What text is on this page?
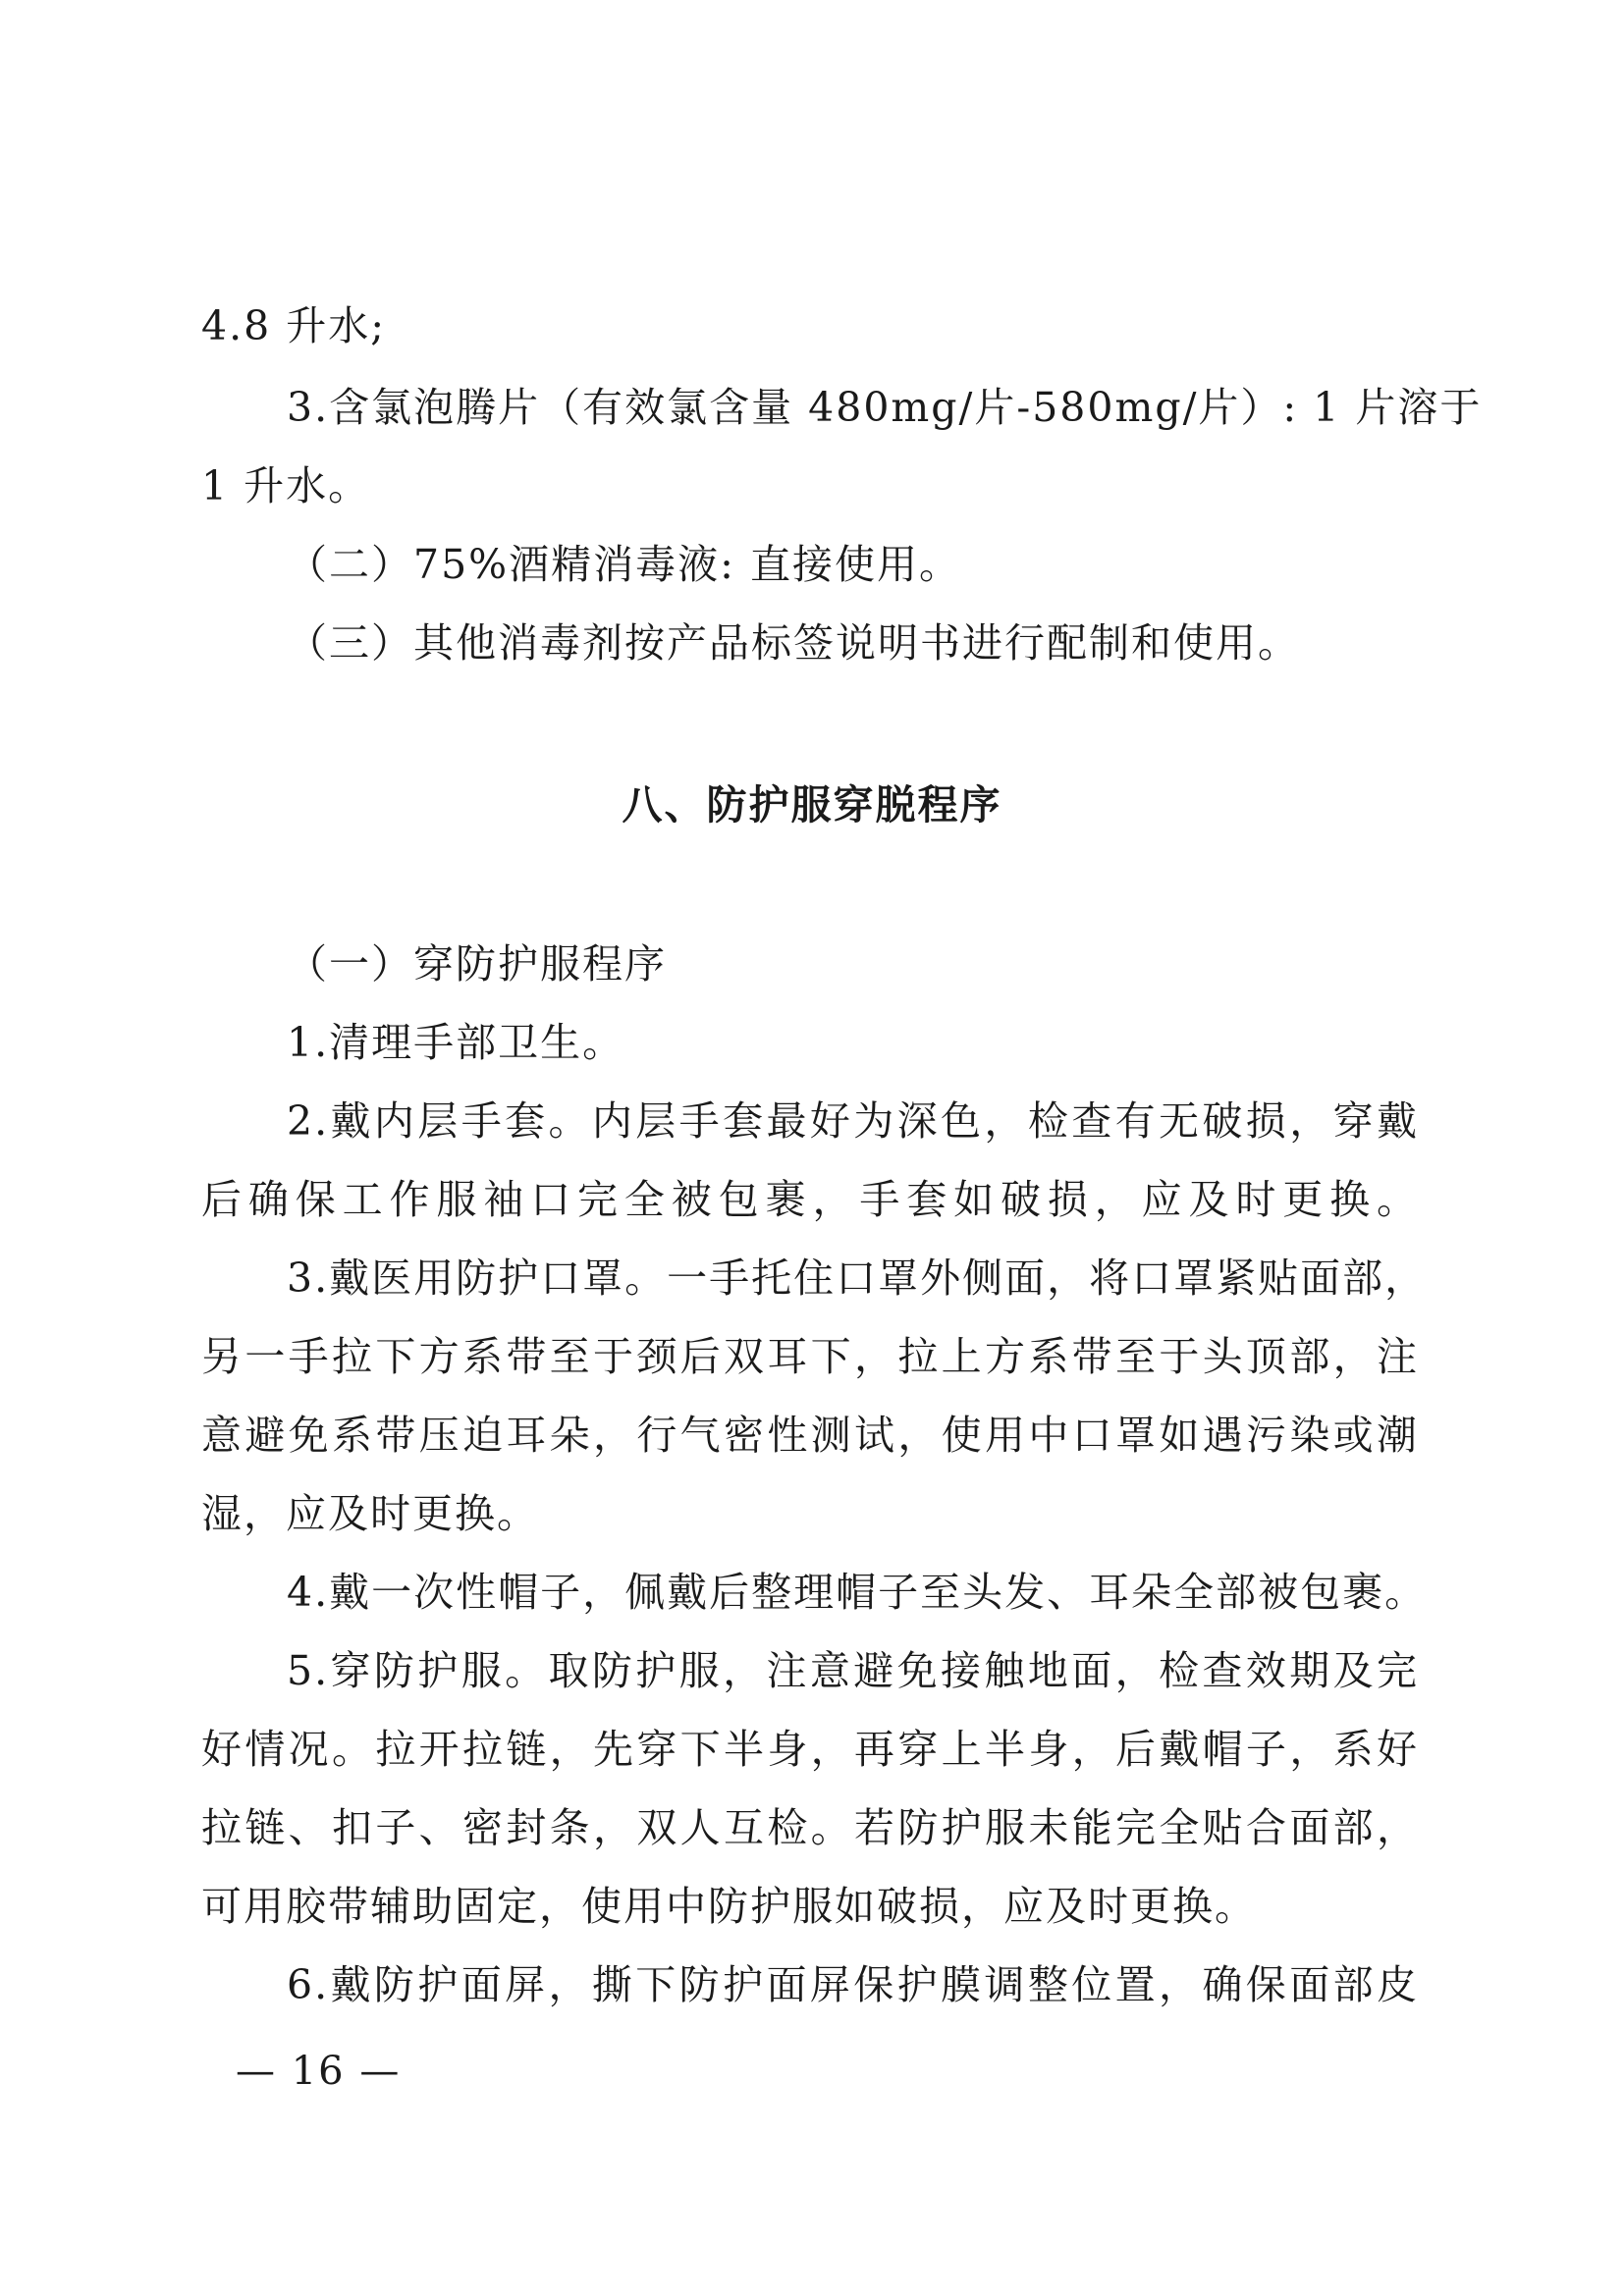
4.8 升水;
3.含氯泡腾片（有效氯含量 480mg/片-580mg/片）: 1 片溶于
1 升水。
（二）75%酒精消毒液: 直接使用。
（三）其他消毒剂按产品标签说明书进行配制和使用。
八、防护服穿脱程序
（一）穿防护服程序
1.清理手部卫生。
2.戴内层手套。内层手套最好为深色，检查有无破损，穿戴
后确保工作服袖口完全被包裹，手套如破损，应及时更换。
3.戴医用防护口罩。一手托住口罩外侧面，将口罩紧贴面部，
另一手拉下方系带至于颈后双耳下，拉上方系带至于头顶部，注
意避免系带压迫耳朵，行气密性测试，使用中口罩如遇污染或潮
湿，应及时更换。
4.戴一次性帽子，佩戴后整理帽子至头发、耳朵全部被包裹。
5.穿防护服。取防护服，注意避免接触地面，检查效期及完
好情况。拉开拉链，先穿下半身，再穿上半身，后戴帽子，系好
拉链、扣子、密封条，双人互检。若防护服未能完全贴合面部，
可用胶带辅助固定，使用中防护服如破损，应及时更换。
6.戴防护面屏，撕下防护面屏保护膜调整位置，确保面部皮
— 16 —
